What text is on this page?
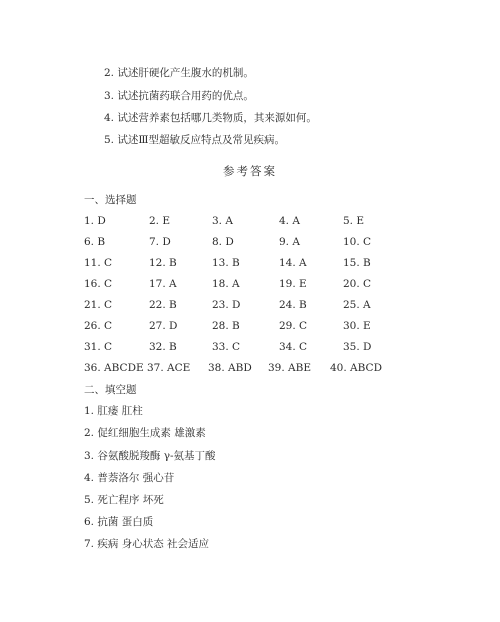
2. 试述肝硬化产生腹水的机制。
3. 试述抗菌药联合用药的优点。
4. 试述营养素包括哪几类物质，其来源如何。
5. 试述Ⅲ型超敏反应特点及常见疾病。
参考答案
一、选择题
1. D	2. E	3. A	4. A	5. E
6. B	7. D	8. D	9. A	10. C
11. C	12. B	13. B	14. A	15. B
16. C	17. A	18. A	19. E	20. C
21. C	22. B	23. D	24. B	25. A
26. C	27. D	28. B	29. C	30. E
31. C	32. B	33. C	34. C	35. D
36. ABCDE 37. ACE 38. ABD 39. ABE 40. ABCD
二、填空题
1. 肛瘘 肛柱
2. 促红细胞生成素 雄激素
3. 谷氨酸脱羧酶 γ-氨基丁酸
4. 普萘洛尔 强心苷
5. 死亡程序 坏死
6. 抗菌 蛋白质
7. 疾病 身心状态 社会适应
